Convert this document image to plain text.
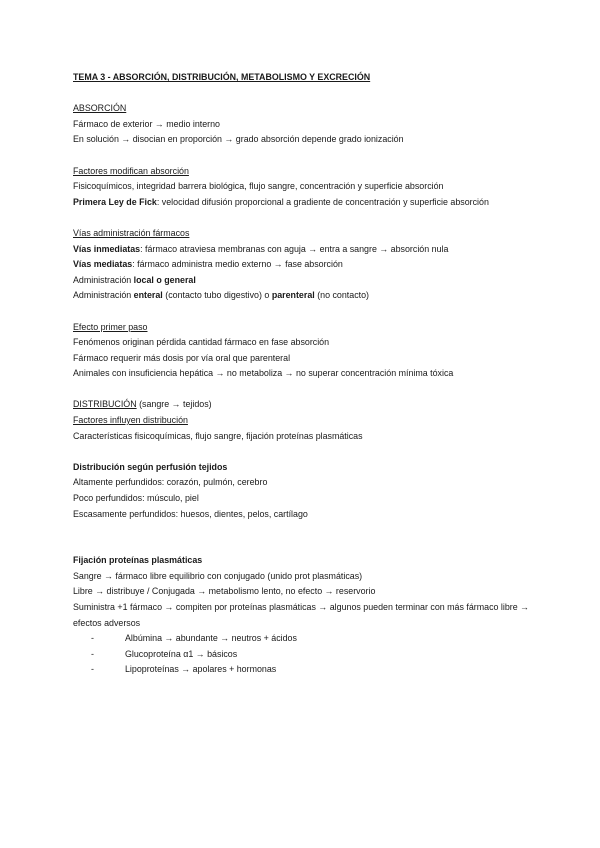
TEMA 3 - ABSORCIÓN, DISTRIBUCIÓN, METABOLISMO Y EXCRECIÓN
ABSORCIÓN
Fármaco de exterior → medio interno
En solución → disocian en proporción → grado absorción depende grado ionización
Factores modifican absorción
Fisicoquímicos, integridad barrera biológica, flujo sangre, concentración y superficie absorción
Primera Ley de Fick: velocidad difusión proporcional a gradiente de concentración y superficie absorción
Vías administración fármacos
Vías inmediatas: fármaco atraviesa membranas con aguja → entra a sangre → absorción nula
Vías mediatas: fármaco administra medio externo → fase absorción
Administración local o general
Administración enteral (contacto tubo digestivo) o parenteral (no contacto)
Efecto primer paso
Fenómenos originan pérdida cantidad fármaco en fase absorción
Fármaco requerir más dosis por vía oral que parenteral
Animales con insuficiencia hepática → no metaboliza → no superar concentración mínima tóxica
DISTRIBUCIÓN (sangre → tejidos)
Factores influyen distribución
Características fisicoquímicas, flujo sangre, fijación proteínas plasmáticas
Distribución según perfusión tejidos
Altamente perfundidos: corazón, pulmón, cerebro
Poco perfundidos: músculo, piel
Escasamente perfundidos: huesos, dientes, pelos, cartílago
Fijación proteínas plasmáticas
Sangre → fármaco libre equilibrio con conjugado (unido prot plasmáticas)
Libre → distribuye / Conjugada → metabolismo lento, no efecto → reservorio
Suministra +1 fármaco → compiten por proteínas plasmáticas → algunos pueden terminar con más fármaco libre → efectos adversos
-	Albúmina → abundante → neutros + ácidos
-	Glucoproteína α1 → básicos
-	Lipoproteínas → apolares + hormonas
